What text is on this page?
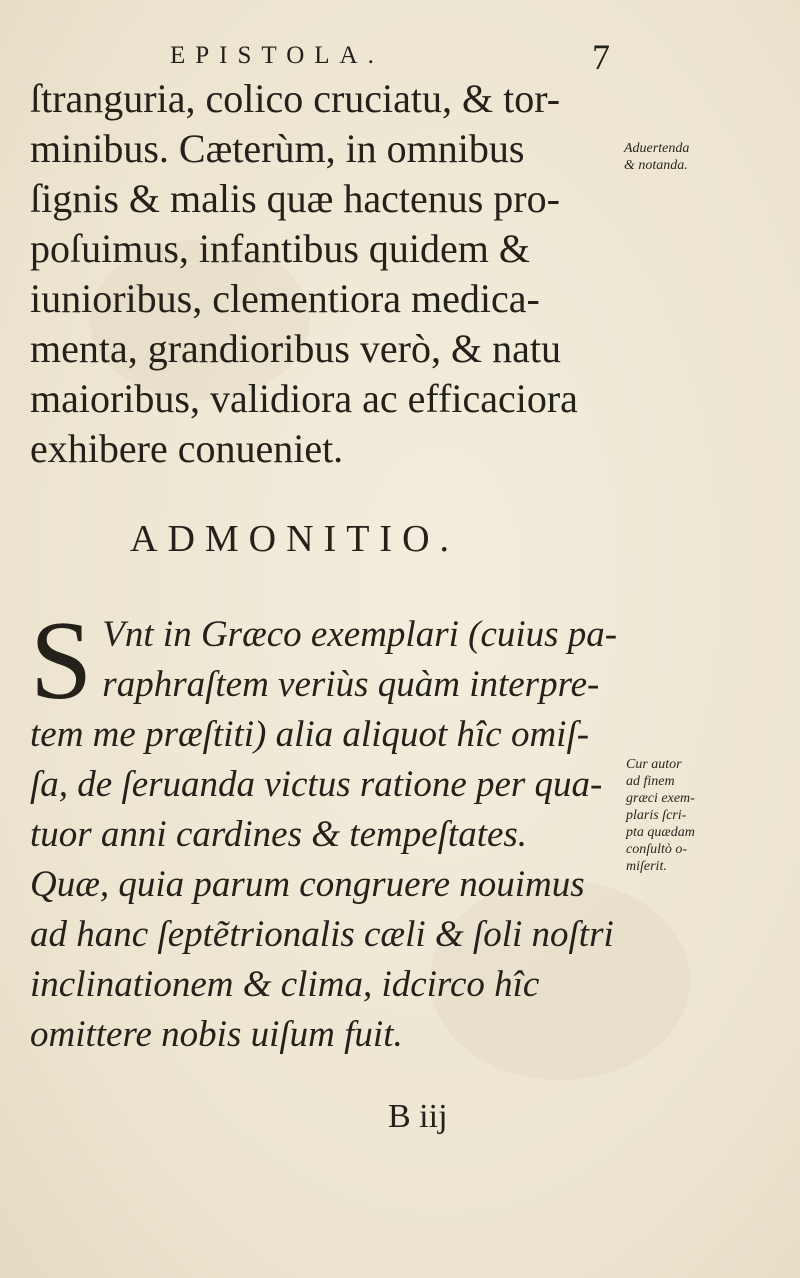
EPISTOLA.	7
ſtranguria, colico cruciatu, & tor-
minibus. Cæterùm, in omnibus
ſignis & malis quæ hactenus pro-
poſuimus, infantibus quidem &
iunioribus, clementiora medica-
menta, grandioribus verò, & natu
maioribus, validiora ac efficaciora
exhibere conueniet.
Aduertenda
& notanda.
ADMONITIO.
S Vnt in Græco exemplari (cuius pa-
raphraſtem veriùs quàm interpre-
tem me præſtiti) alia aliquot hîc omiſ-
ſa, de ſeruanda victus ratione per qua-
tuor anni cardines & tempeſtates.
Quæ, quia parum congruere nouimus
ad hanc ſeptẽtrionalis cæli & ſoli noſtri
inclinationem & clima, idcirco hîc
omittere nobis uiſum fuit.
Cur autor
ad finem
græci exem-
plaris ſcri-
pta quædam
conſultò o-
miſerit.
B iij
